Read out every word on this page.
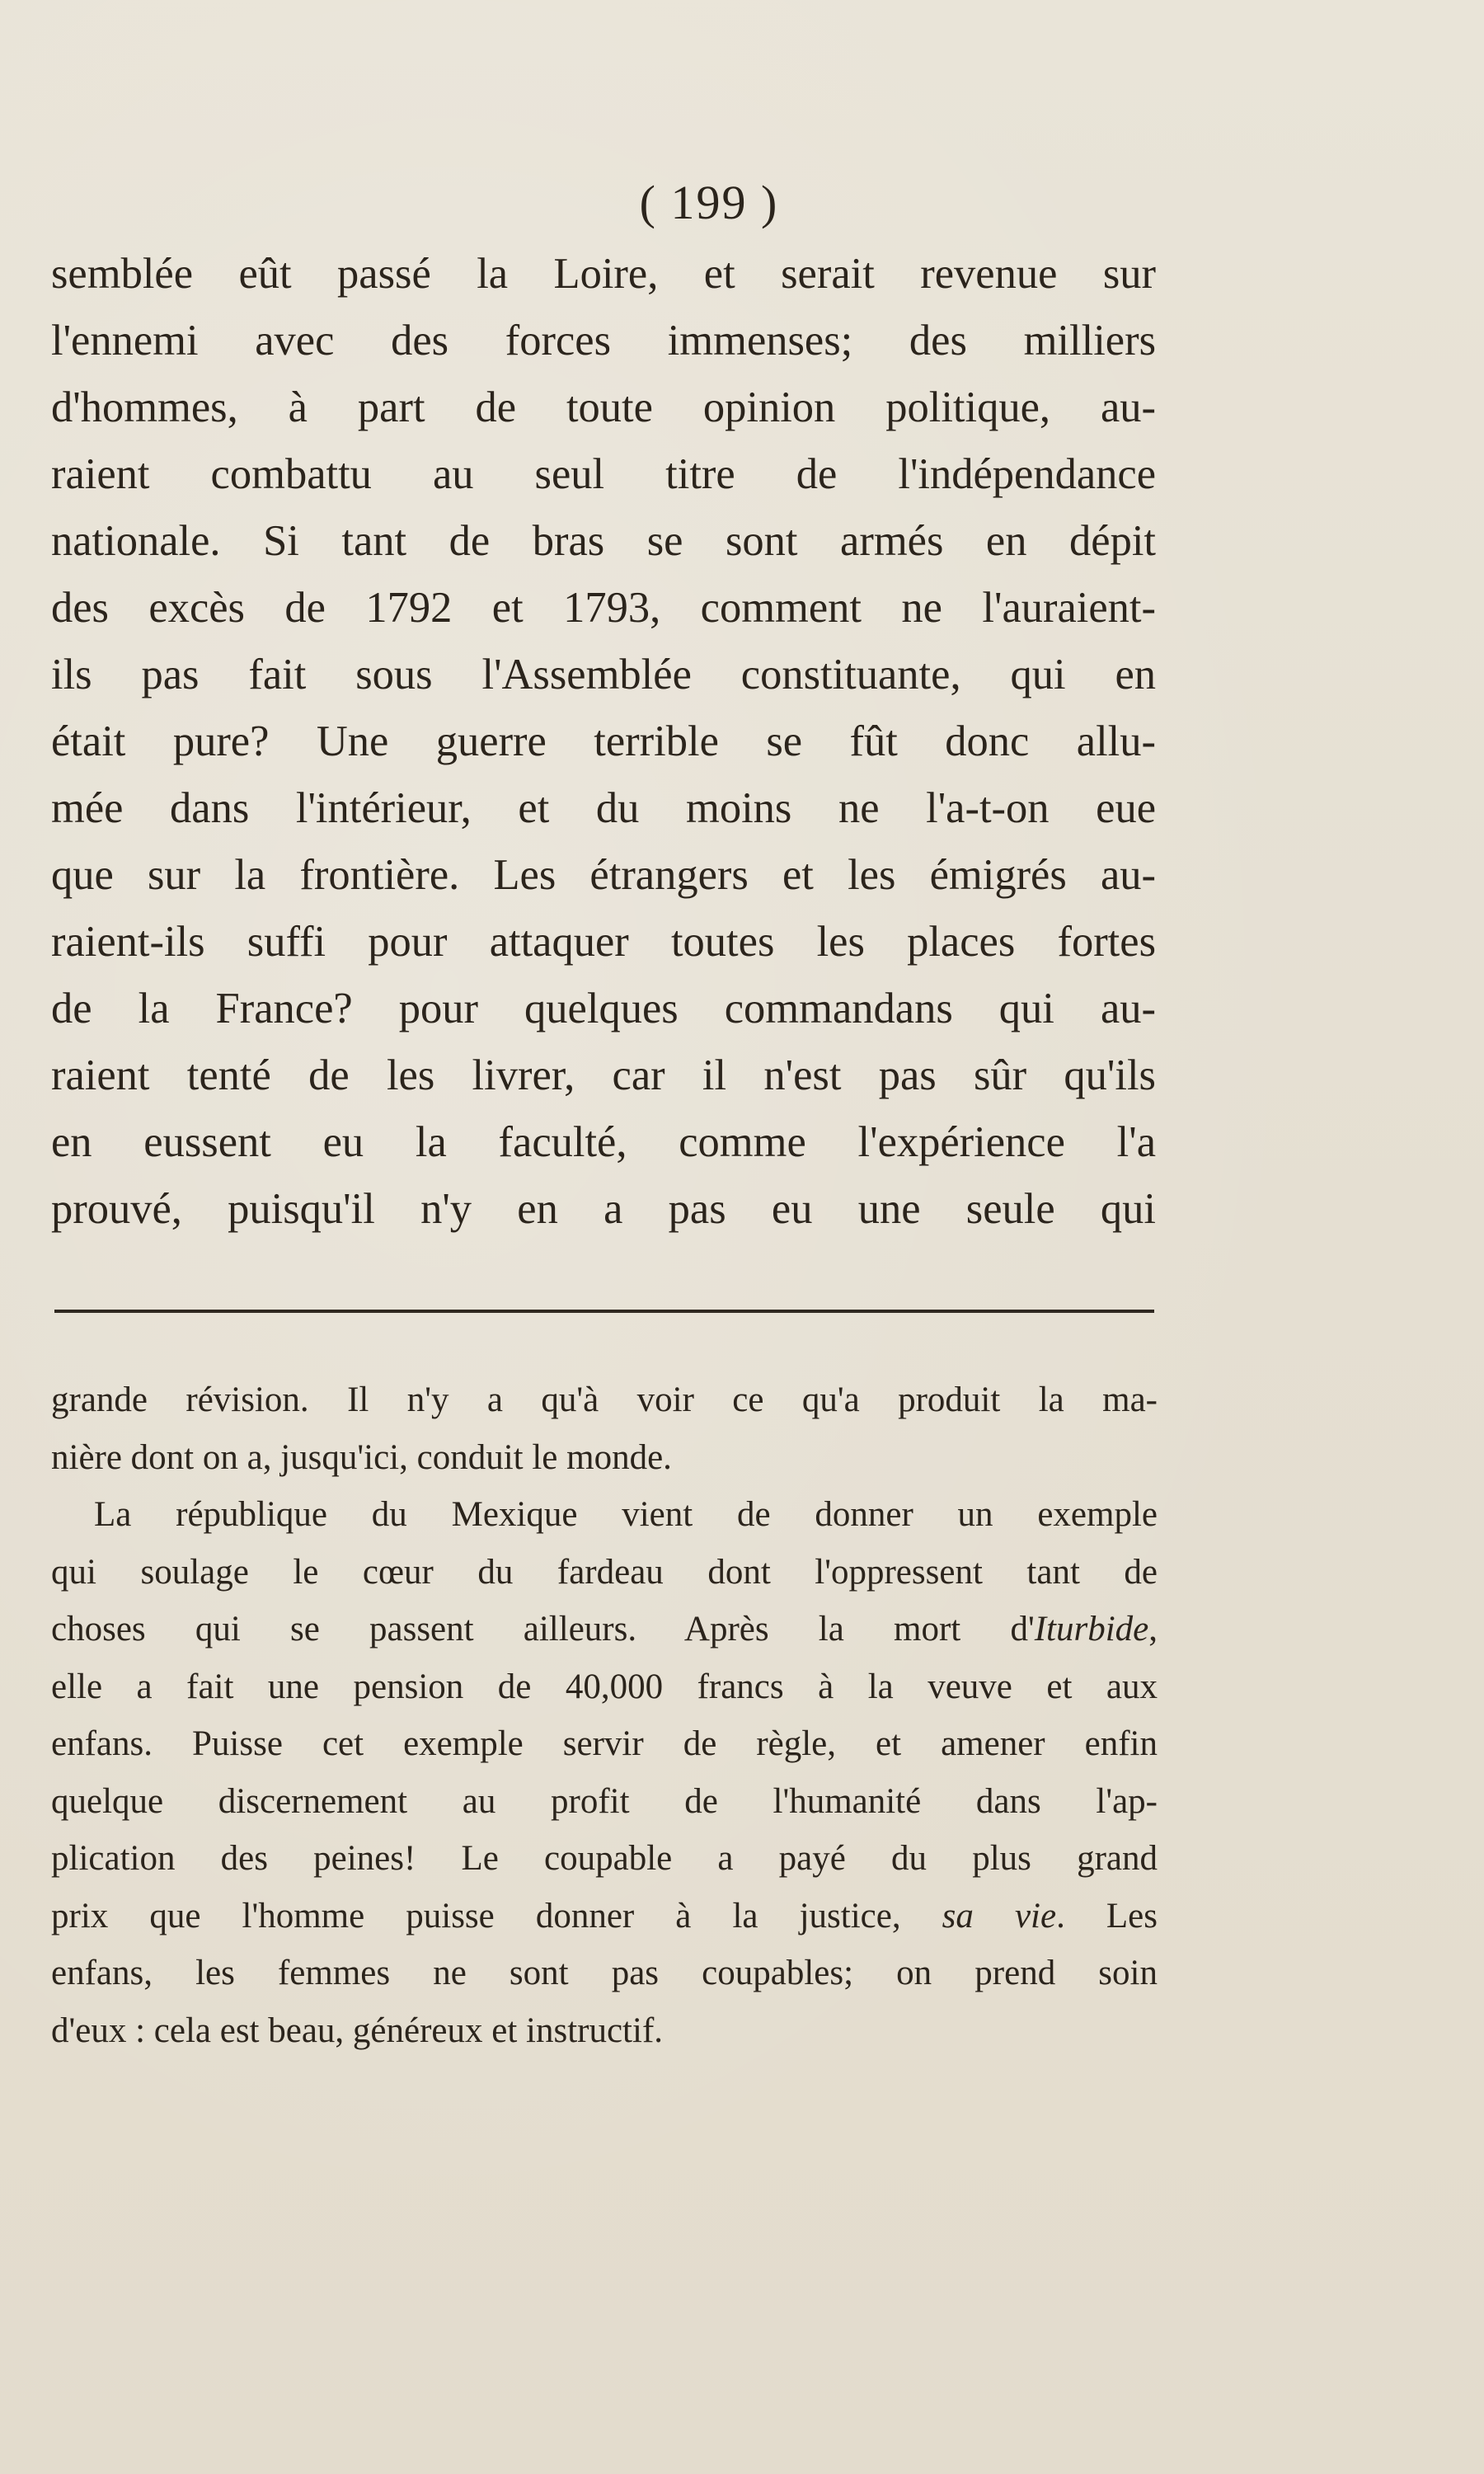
( 199 )
semblée eût passé la Loire, et serait revenue sur
l'ennemi avec des forces immenses; des milliers
d'hommes, à part de toute opinion politique, au-
raient combattu au seul titre de l'indépendance
nationale. Si tant de bras se sont armés en dépit
des excès de 1792 et 1793, comment ne l'auraient-
ils pas fait sous l'Assemblée constituante, qui en
était pure? Une guerre terrible se fût donc allu-
mée dans l'intérieur, et du moins ne l'a-t-on eue
que sur la frontière. Les étrangers et les émigrés au-
raient-ils suffi pour attaquer toutes les places fortes
de la France? pour quelques commandans qui au-
raient tenté de les livrer, car il n'est pas sûr qu'ils
en eussent eu la faculté, comme l'expérience l'a
prouvé, puisqu'il n'y en a pas eu une seule qui
grande révision. Il n'y a qu'à voir ce qu'a produit la ma-
nière dont on a, jusqu'ici, conduit le monde.
La république du Mexique vient de donner un exemple
qui soulage le cœur du fardeau dont l'oppressent tant de
choses qui se passent ailleurs. Après la mort d'Iturbide,
elle a fait une pension de 40,000 francs à la veuve et aux
enfans. Puisse cet exemple servir de règle, et amener enfin
quelque discernement au profit de l'humanité dans l'ap-
plication des peines! Le coupable a payé du plus grand
prix que l'homme puisse donner à la justice, sa vie. Les
enfans, les femmes ne sont pas coupables; on prend soin
d'eux : cela est beau, généreux et instructif.
